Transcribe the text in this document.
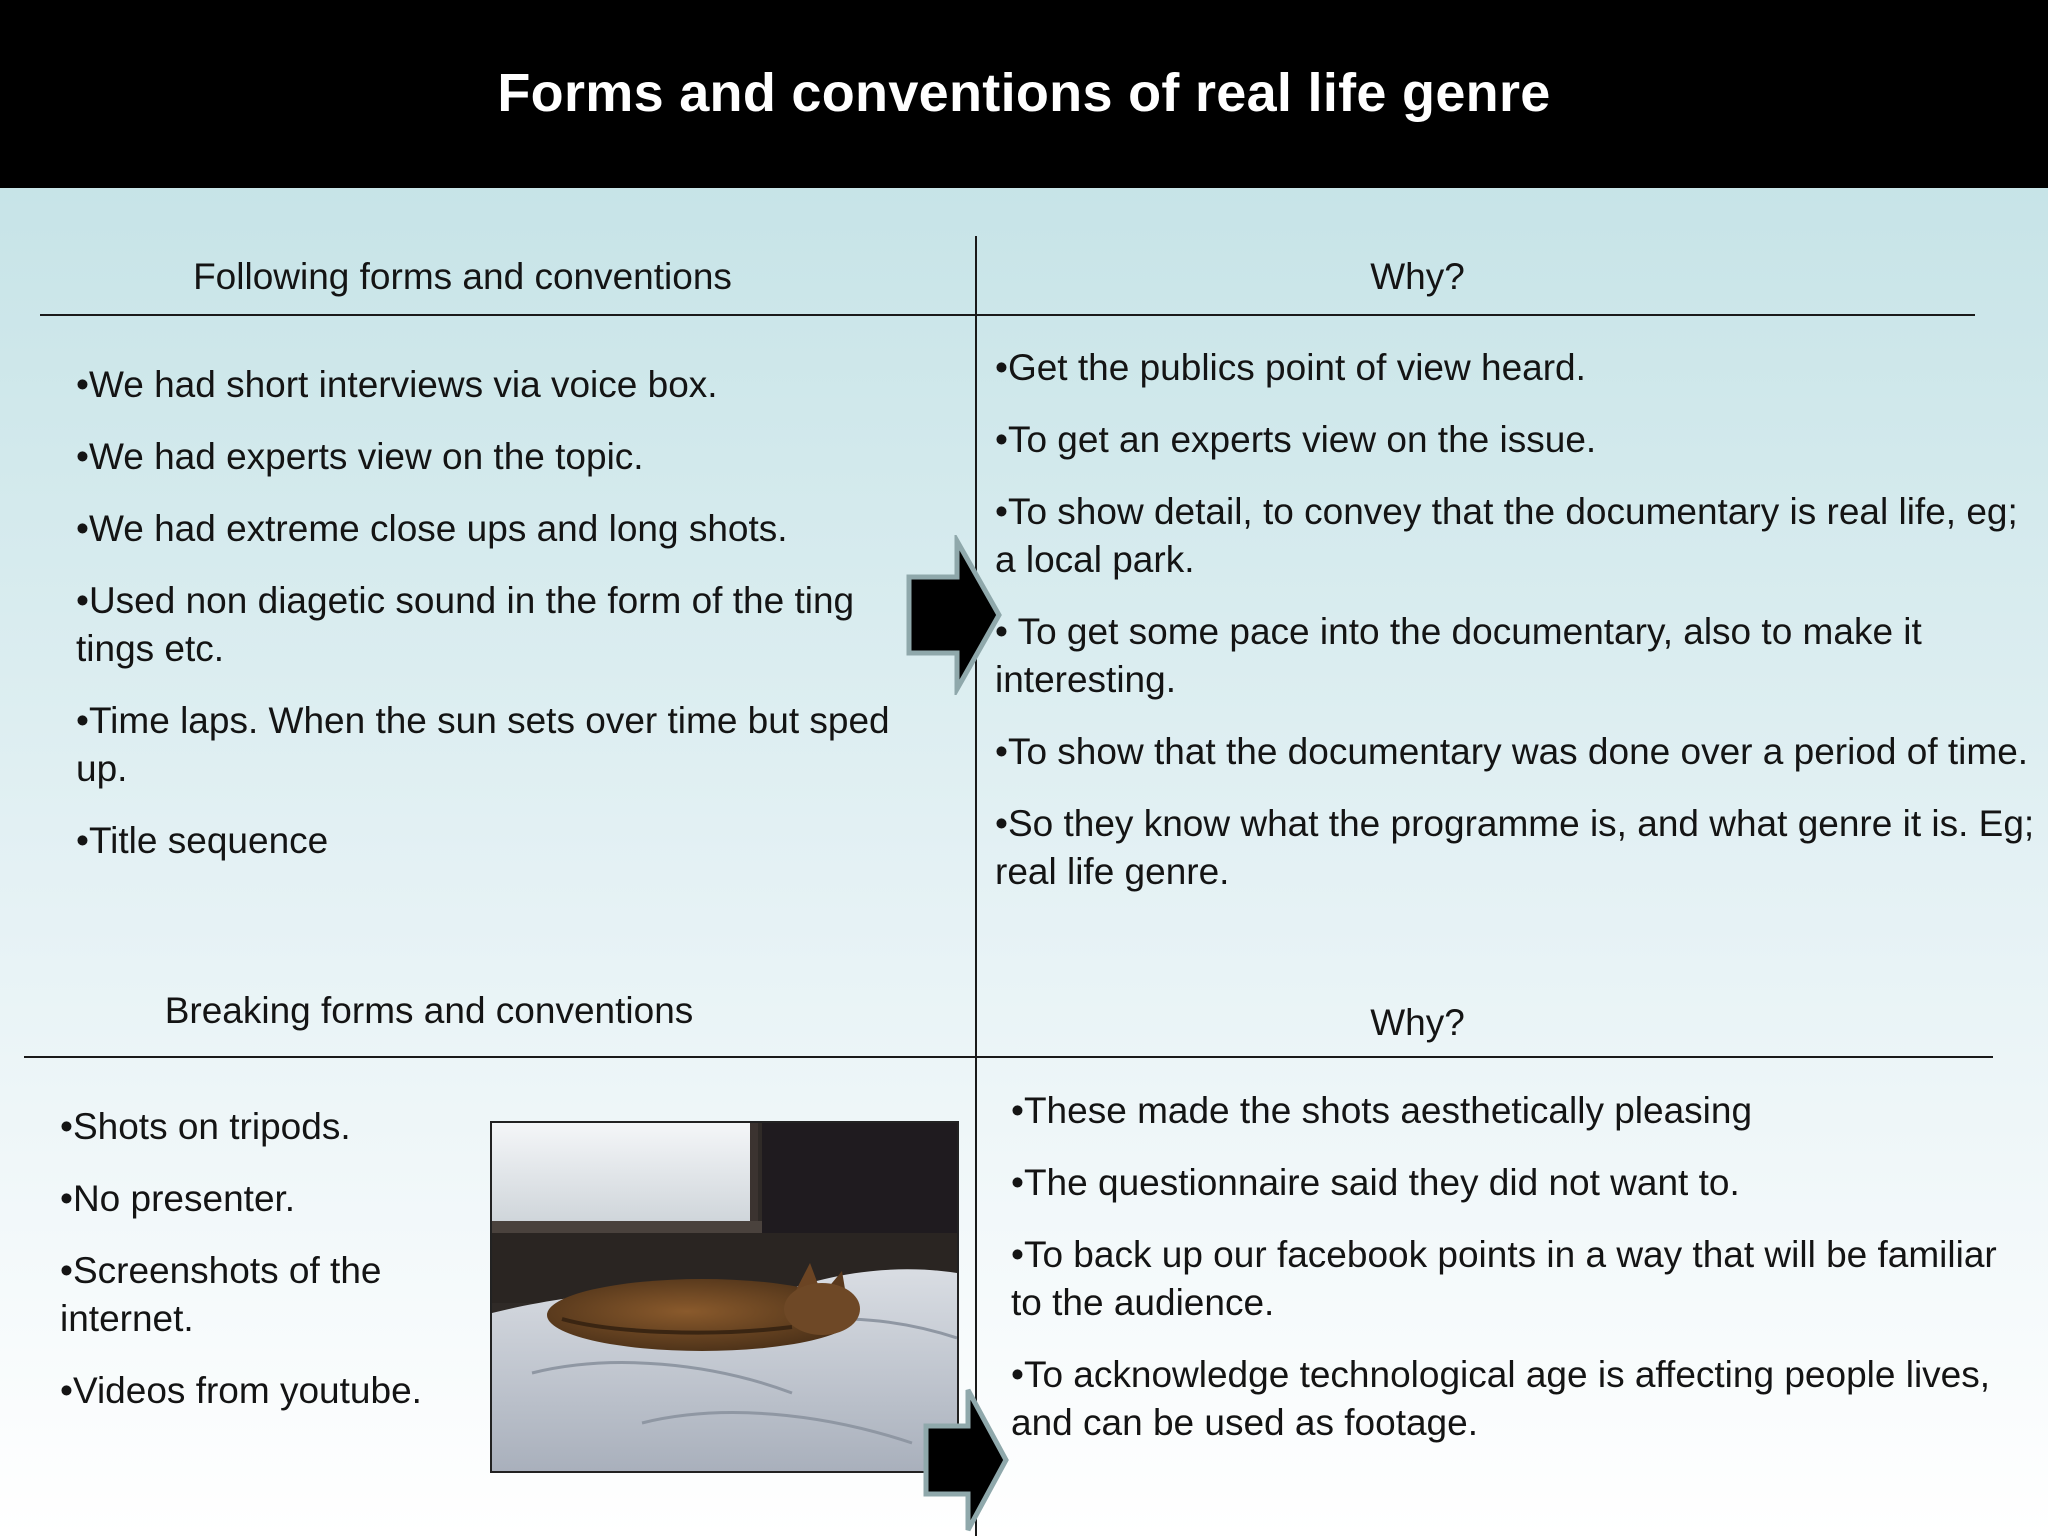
Forms and conventions of real life genre
Following forms and conventions	Why?
Breaking forms and conventions	Why?
•We had short interviews via voice box.
•We had experts view on the topic.
•We had extreme close ups and long shots.
•Used non diagetic sound in the form of the ting tings etc.
•Time laps. When the sun sets over time but sped up.
•Title sequence
•Get the publics point of view heard.
•To get an experts view on the issue.
•To show detail, to convey that the documentary is real life, eg; a local park.
• To get some pace into the documentary, also to make it interesting.
•To show that the documentary was done over a period of time.
•So they know what the programme is, and what genre it is. Eg; real life genre.
•Shots on tripods.
•No presenter.
•Screenshots of the internet.
•Videos from youtube.
•These made the shots aesthetically pleasing
•The questionnaire said they did not want to.
•To back up our facebook points in a way that will be familiar to the audience.
•To acknowledge technological age is affecting people lives, and can be used as footage.
